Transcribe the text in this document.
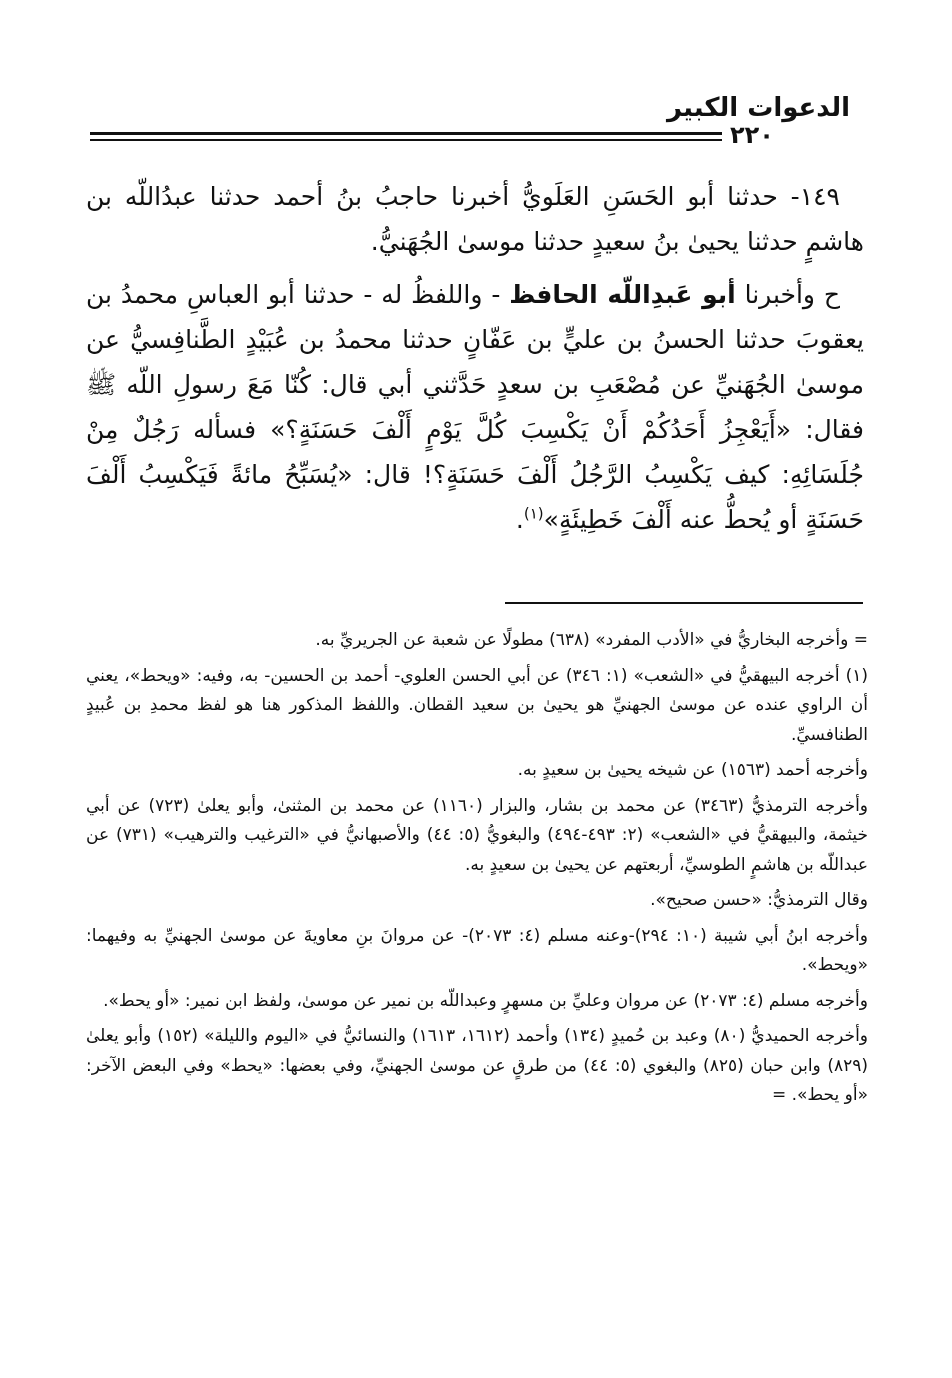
الدعوات الكبير
٢٢٠

١٤٩- حدثنا أبو الحَسَنِ العَلَويُّ أخبرنا حاجبُ بنُ أحمد حدثنا عبدُاللّه بن هاشمٍ حدثنا يحيىٰ بنُ سعيدٍ حدثنا موسىٰ الجُهَنيُّ.

ح وأخبرنا أبو عَبدِاللّه الحافظ - واللفظُ له - حدثنا أبو العباسِ محمدُ بن يعقوبَ حدثنا الحسنُ بن عليٍّ بن عَفّانٍ حدثنا محمدُ بن عُبَيْدٍ الطَّنافِسيُّ عن موسىٰ الجُهَنيِّ عن مُصْعَبِ بن سعدٍ حَدَّثني أبي قال: كُنّا مَعَ رسولِ اللّه ﷺ فقال: «أَيَعْجِزُ أَحَدُكُمْ أَنْ يَكْسِبَ كُلَّ يَوْمٍ أَلْفَ حَسَنَةٍ؟» فسأله رَجُلٌ مِنْ جُلَسَائِهِ: كيف يَكْسِبُ الرَّجُلُ أَلْفَ حَسَنَةٍ؟! قال: «يُسَبِّحُ مائةً فَيَكْسِبُ أَلْفَ حَسَنَةٍ أو يُحطُّ عنه أَلْفَ خَطِيئَةٍ»$^{(١)}$.

= وأخرجه البخاريُّ في «الأدب المفرد» (٦٣٨) مطولًا عن شعبة عن الجريريِّ به.

(١) أخرجه البيهقيُّ في «الشعب» (١: ٣٤٦) عن أبي الحسن العلوي- أحمد بن الحسين- به، وفيه: «ويحط»، يعني أن الراوي عنده عن موسىٰ الجهنيِّ هو يحيىٰ بن سعيد القطان. واللفظ المذكور هنا هو لفظ محمدِ بن عُبيدٍ الطنافسيِّ.

وأخرجه أحمد (١٥٦٣) عن شيخه يحيىٰ بن سعيدٍ به.

وأخرجه الترمذيُّ (٣٤٦٣) عن محمد بن بشار، والبزار (١١٦٠) عن محمد بن المثنىٰ، وأبو يعلىٰ (٧٢٣) عن أبي خيثمة، والبيهقيُّ في «الشعب» (٢: ٤٩٣-٤٩٤) والبغويُّ (٥: ٤٤) والأصبهانيُّ في «الترغيب والترهيب» (٧٣١) عن عبداللّه بن هاشمٍ الطوسيِّ، أربعتهم عن يحيىٰ بن سعيدٍ به.

وقال الترمذيُّ: «حسن صحيح».

وأخرجه ابنُ أبي شيبة (١٠: ٢٩٤)-وعنه مسلم (٤: ٢٠٧٣)- عن مروانَ بنِ معاويةَ عن موسىٰ الجهنيِّ به وفيهما: «ويحط».

وأخرجه مسلم (٤: ٢٠٧٣) عن مروان وعليِّ بن مسهرٍ وعبداللّه بن نمير عن موسىٰ، ولفظ ابن نمير: «أو يحط».

وأخرجه الحميديُّ (٨٠) وعبد بن حُميدٍ (١٣٤) وأحمد (١٦١٢، ١٦١٣) والنسائيُّ في «اليوم والليلة» (١٥٢) وأبو يعلىٰ (٨٢٩) وابن حبان (٨٢٥) والبغوي (٥: ٤٤) من طرقٍ عن موسىٰ الجهنيِّ، وفي بعضها: «يحط» وفي البعض الآخر: «أو يحط». =
